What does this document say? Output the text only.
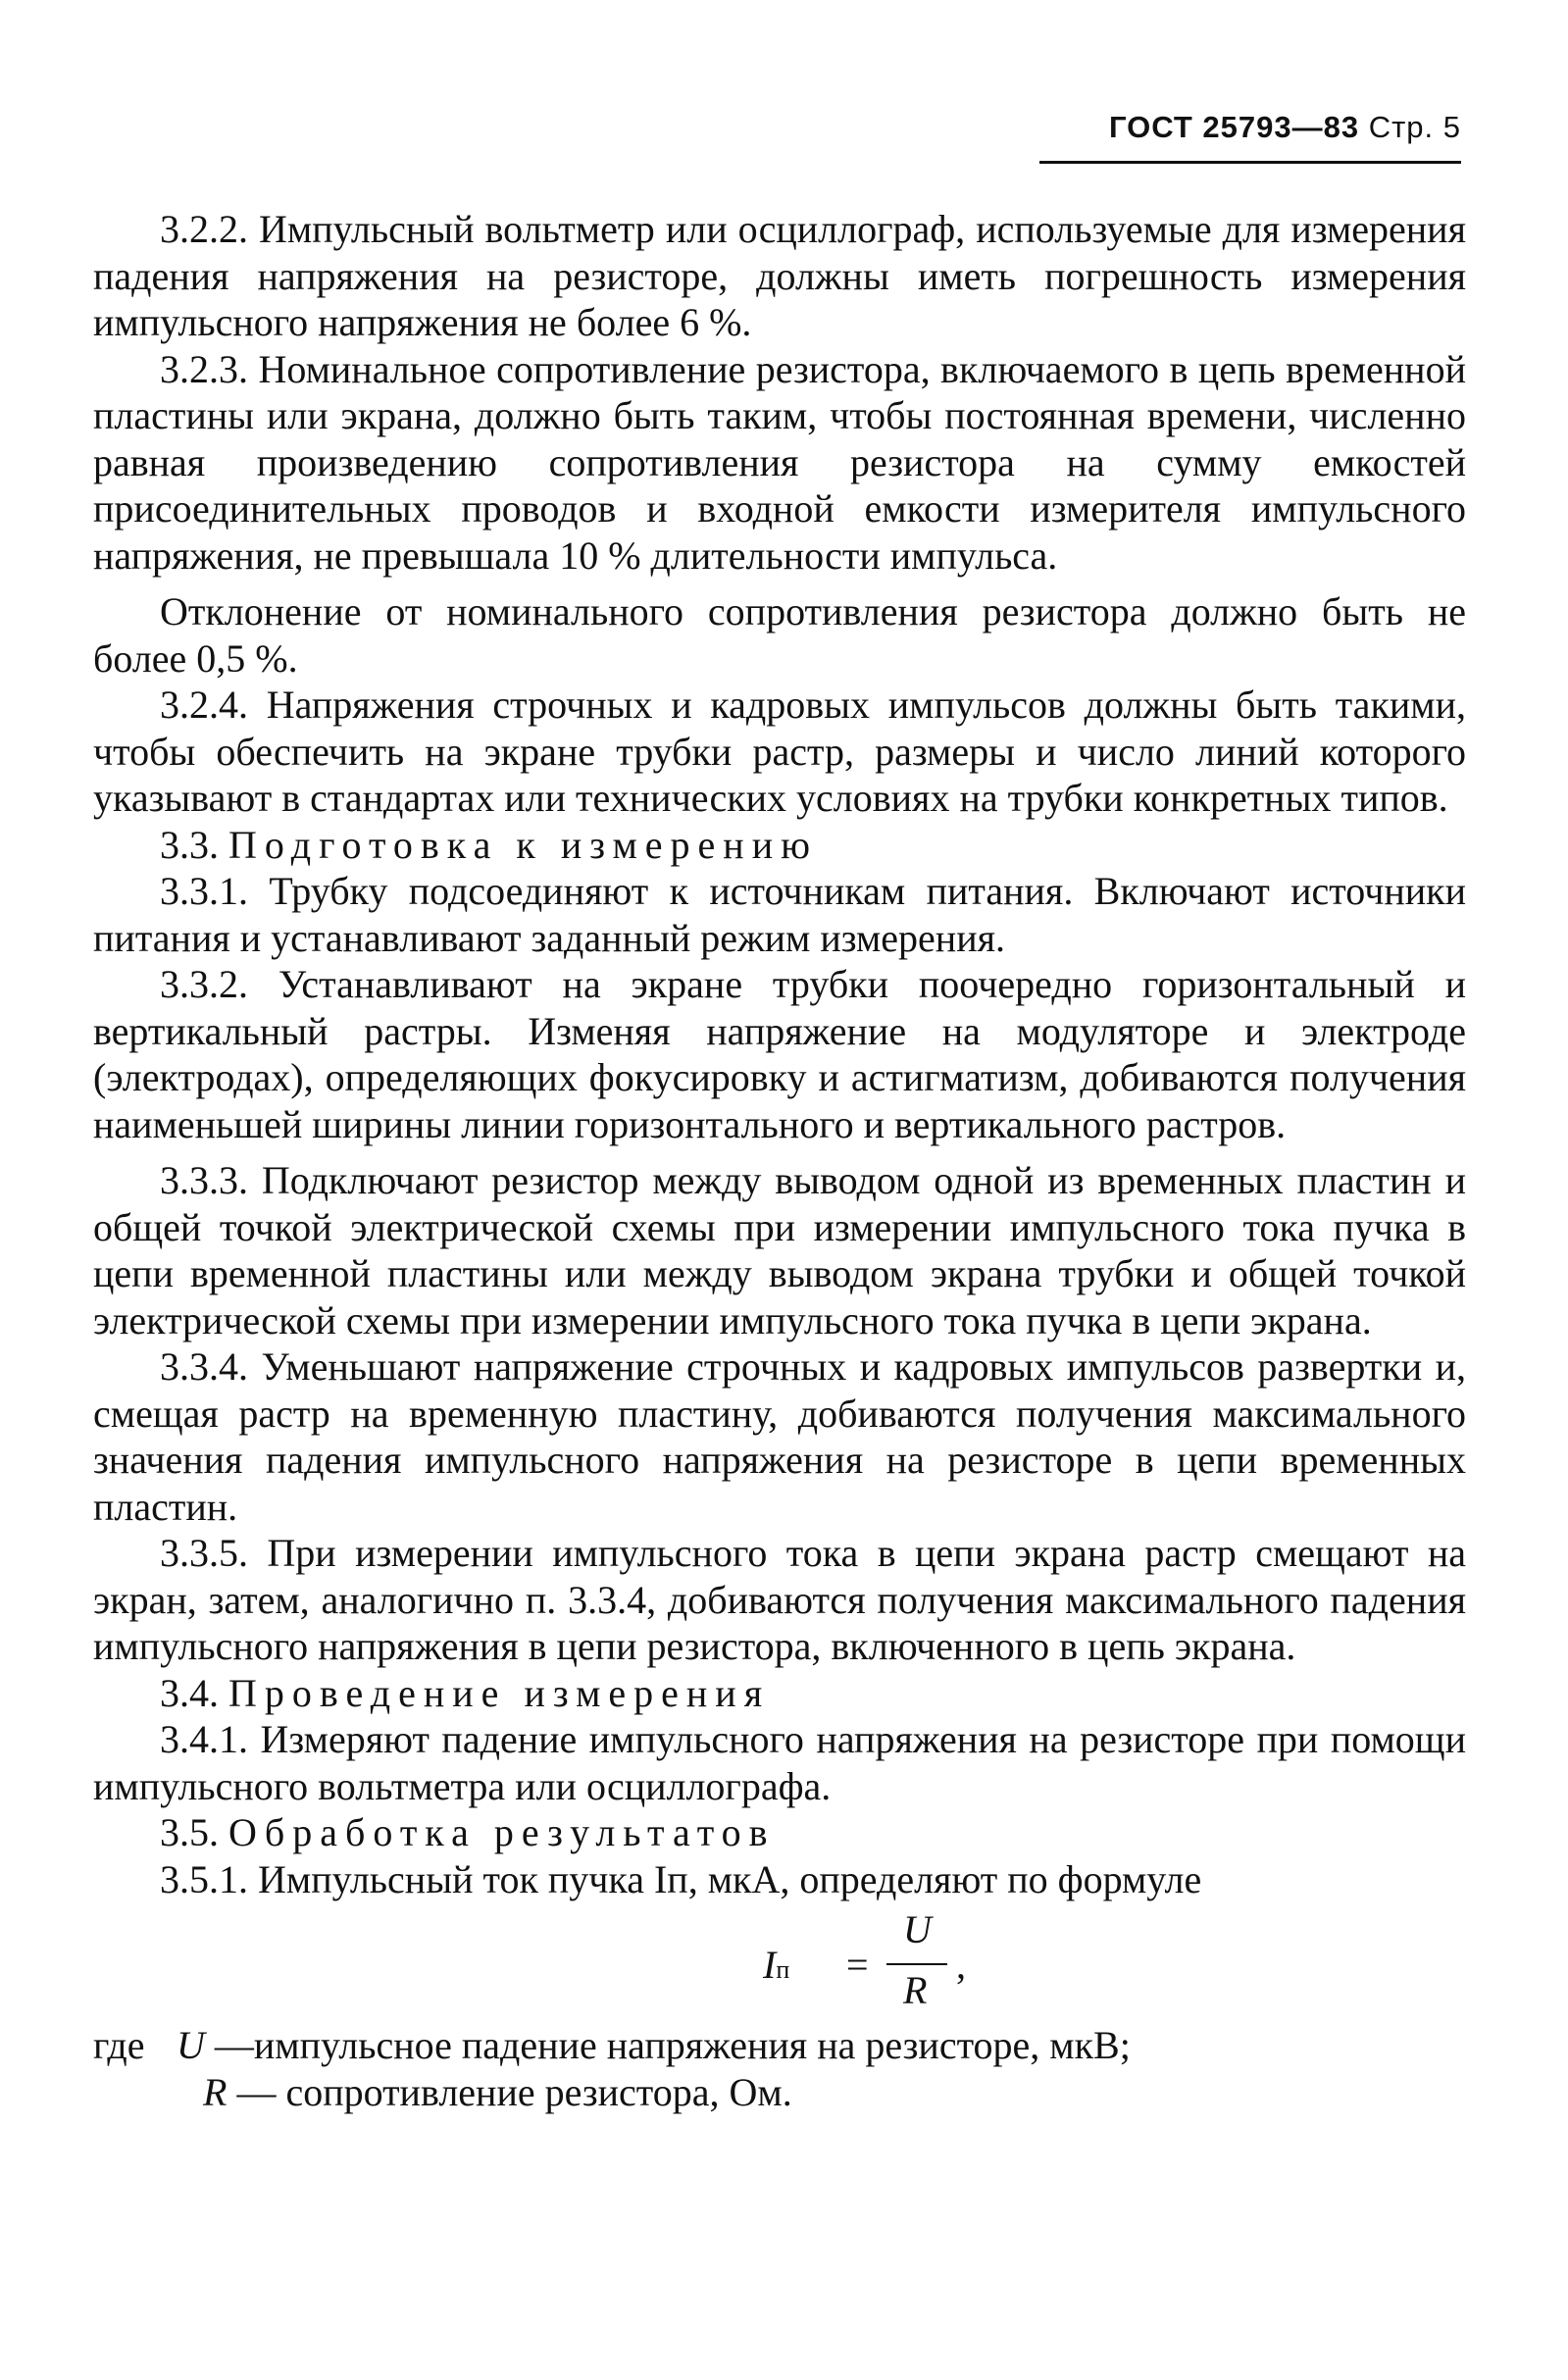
ГОСТ 25793—83 Стр. 5

3.2.2. Импульсный вольтметр или осциллограф, используемые для измерения падения напряжения на резисторе, должны иметь погрешность измерения импульсного напряжения не более 6 %.

3.2.3. Номинальное сопротивление резистора, включаемого в цепь временной пластины или экрана, должно быть таким, чтобы постоянная времени, численно равная произведению сопротивления резистора на сумму емкостей присоединительных проводов и входной емкости измерителя импульсного напряжения, не превышала 10 % длительности импульса.

Отклонение от номинального сопротивления резистора должно быть не более 0,5 %.

3.2.4. Напряжения строчных и кадровых импульсов должны быть такими, чтобы обеспечить на экране трубки растр, размеры и число линий которого указывают в стандартах или технических условиях на трубки конкретных типов.

3.3. Подготовка к измерению

3.3.1. Трубку подсоединяют к источникам питания. Включают источники питания и устанавливают заданный режим измерения.

3.3.2. Устанавливают на экране трубки поочередно горизонтальный и вертикальный растры. Изменяя напряжение на модуляторе и электроде (электродах), определяющих фокусировку и астигматизм, добиваются получения наименьшей ширины линии горизонтального и вертикального растров.

3.3.3. Подключают резистор между выводом одной из временных пластин и общей точкой электрической схемы при измерении импульсного тока пучка в цепи временной пластины или между выводом экрана трубки и общей точкой электрической схемы при измерении импульсного тока пучка в цепи экрана.

3.3.4. Уменьшают напряжение строчных и кадровых импульсов развертки и, смещая растр на временную пластину, добиваются получения максимального значения падения импульсного напряжения на резисторе в цепи временных пластин.

3.3.5. При измерении импульсного тока в цепи экрана растр смещают на экран, затем, аналогично п. 3.3.4, добиваются получения максимального падения импульсного напряжения в цепи резистора, включенного в цепь экрана.

3.4. Проведение измерения

3.4.1. Измеряют падение импульсного напряжения на резисторе при помощи импульсного вольтметра или осциллографа.

3.5. Обработка результатов

3.5.1. Импульсный ток пучка Iп, мкА, определяют по формуле

Iп =
U
R
,
где U —импульсное падение напряжения на резисторе, мкВ;
R — сопротивление резистора, Ом.
